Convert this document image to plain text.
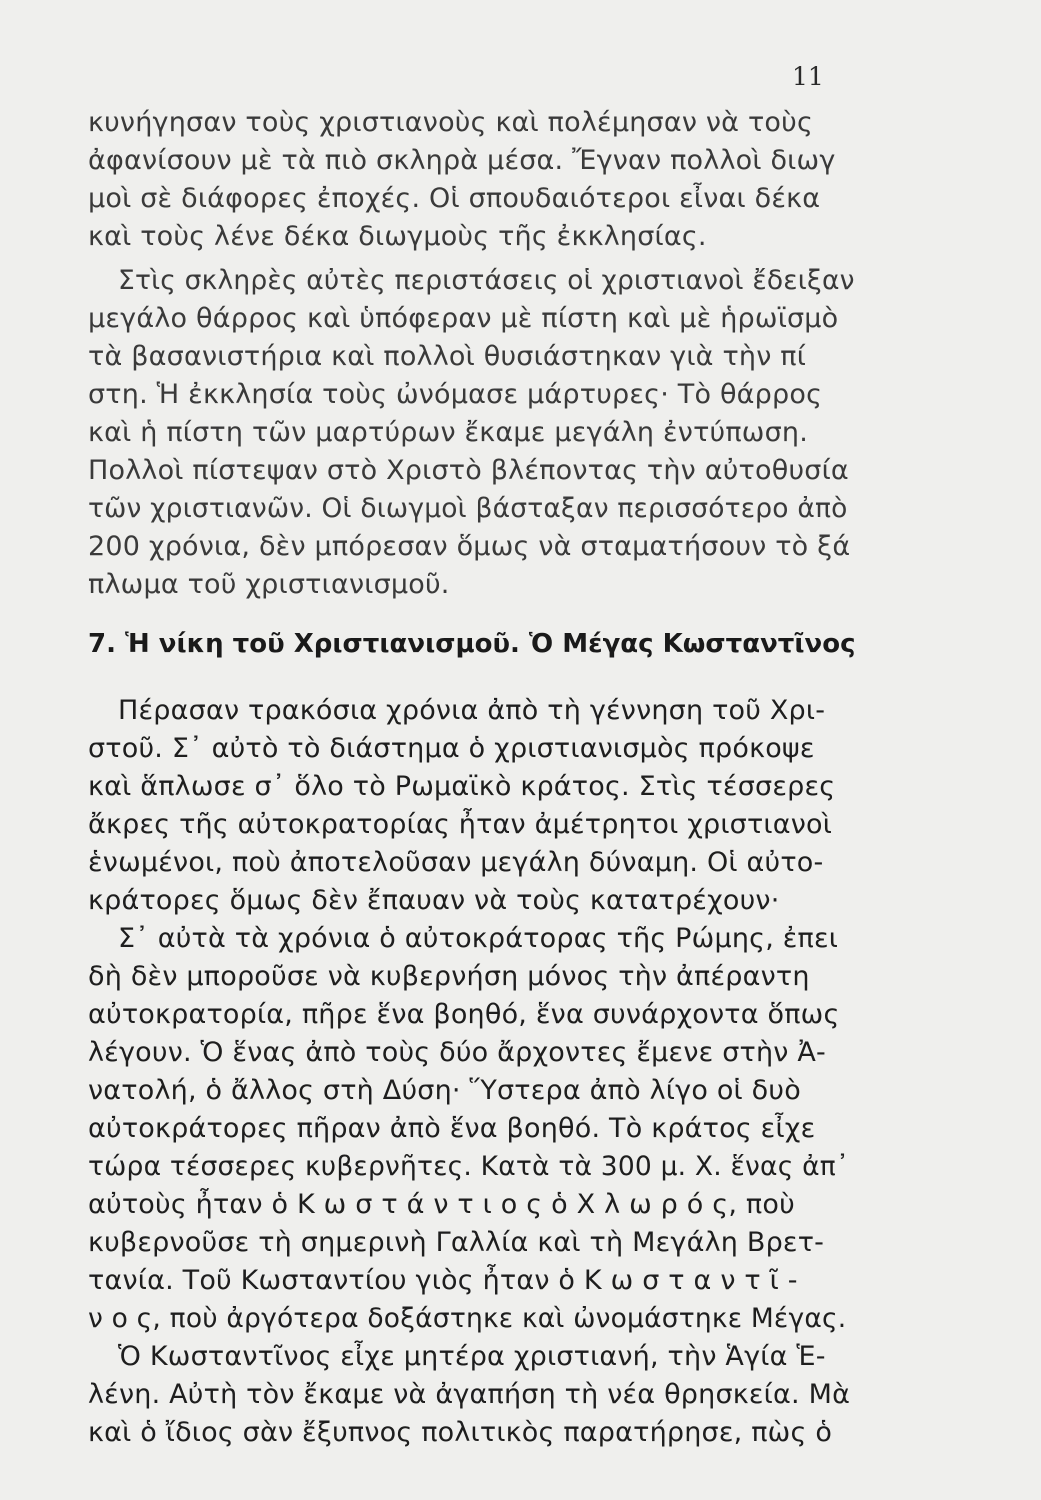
11
κυνήγησαν τοὺς χριστιανοὺς καὶ πολέμησαν νὰ τοὺς
ἀφανίσουν μὲ τὰ πιὸ σκληρὰ μέσα. Ἔγναν πολλοὶ διωγ
μοὶ σὲ διάφορες ἐποχές. Οἱ σπουδαιότεροι εἶναι δέκα
καὶ τοὺς λένε δέκα διωγμοὺς τῆς ἐκκλησίας.
Στὶς σκληρὲς αὐτὲς περιστάσεις οἱ χριστιανοὶ ἔδειξαν
μεγάλο θάρρος καὶ ὑπόφεραν μὲ πίστη καὶ μὲ ἡρωϊσμὸ
τὰ βασανιστήρια καὶ πολλοὶ θυσιάστηκαν γιὰ τὴν πί
στη. Ἡ ἐκκλησία τοὺς ὠνόμασε μάρτυρες· Τὸ θάρρος
καὶ ἡ πίστη τῶν μαρτύρων ἔκαμε μεγάλη ἐντύπωση.
Πολλοὶ πίστεψαν στὸ Χριστὸ βλέποντας τὴν αὐτοθυσία
τῶν χριστιανῶν. Οἱ διωγμοὶ βάσταξαν περισσότερο ἀπὸ
200 χρόνια, δὲν μπόρεσαν ὅμως νὰ σταματήσουν τὸ ξά
πλωμα τοῦ χριστιανισμοῦ.
7. Ἡ νίκη τοῦ Χριστιανισμοῦ. Ὁ Μέγας Κωσταντῖνος
Πέρασαν τρακόσια χρόνια ἀπὸ τὴ γέννηση τοῦ Χρι-
στοῦ. Σ᾽ αὐτὸ τὸ διάστημα ὁ χριστιανισμὸς πρόκοψε
καὶ ἅπλωσε σ᾽ ὅλο τὸ Ρωμαϊκὸ κράτος. Στὶς τέσσερες
ἄκρες τῆς αὐτοκρατορίας ἦταν ἀμέτρητοι χριστιανοὶ
ἑνωμένοι, ποὺ ἀποτελοῦσαν μεγάλη δύναμη. Οἱ αὐτο-
κράτορες ὅμως δὲν ἔπαυαν νὰ τοὺς κατατρέχουν·
Σ᾽ αὐτὰ τὰ χρόνια ὁ αὐτοκράτορας τῆς Ρώμης, ἐπει
δὴ δὲν μποροῦσε νὰ κυβερνήση μόνος τὴν ἀπέραντη
αὐτοκρατορία, πῆρε ἕνα βοηθό, ἕνα συνάρχοντα ὅπως
λέγουν. Ὁ ἕνας ἀπὸ τοὺς δύο ἄρχοντες ἔμενε στὴν Ἀ-
νατολή, ὁ ἄλλος στὴ Δύση· Ὕστερα ἀπὸ λίγο οἱ δυὸ
αὐτοκράτορες πῆραν ἀπὸ ἕνα βοηθό. Τὸ κράτος εἶχε
τώρα τέσσερες κυβερνῆτες. Κατὰ τὰ 300 μ. Χ. ἕνας ἀπ᾽
αὐτοὺς ἦταν ὁ Κ ω σ τ ά ν τ ι ο ς ὁ Χ λ ω ρ ό ς, ποὺ
κυβερνοῦσε τὴ σημερινὴ Γαλλία καὶ τὴ Μεγάλη Βρετ-
τανία. Τοῦ Κωσταντίου γιὸς ἦταν ὁ Κ ω σ τ α ν τ ῖ -
ν ο ς, ποὺ ἀργότερα δοξάστηκε καὶ ὠνομάστηκε Μέγας.
Ὁ Κωσταντῖνος εἶχε μητέρα χριστιανή, τὴν Ἁγία Ἑ-
λένη. Αὐτὴ τὸν ἔκαμε νὰ ἀγαπήση τὴ νέα θρησκεία. Μὰ
καὶ ὁ ἴδιος σὰν ἔξυπνος πολιτικὸς παρατήρησε, πὼς ὁ
